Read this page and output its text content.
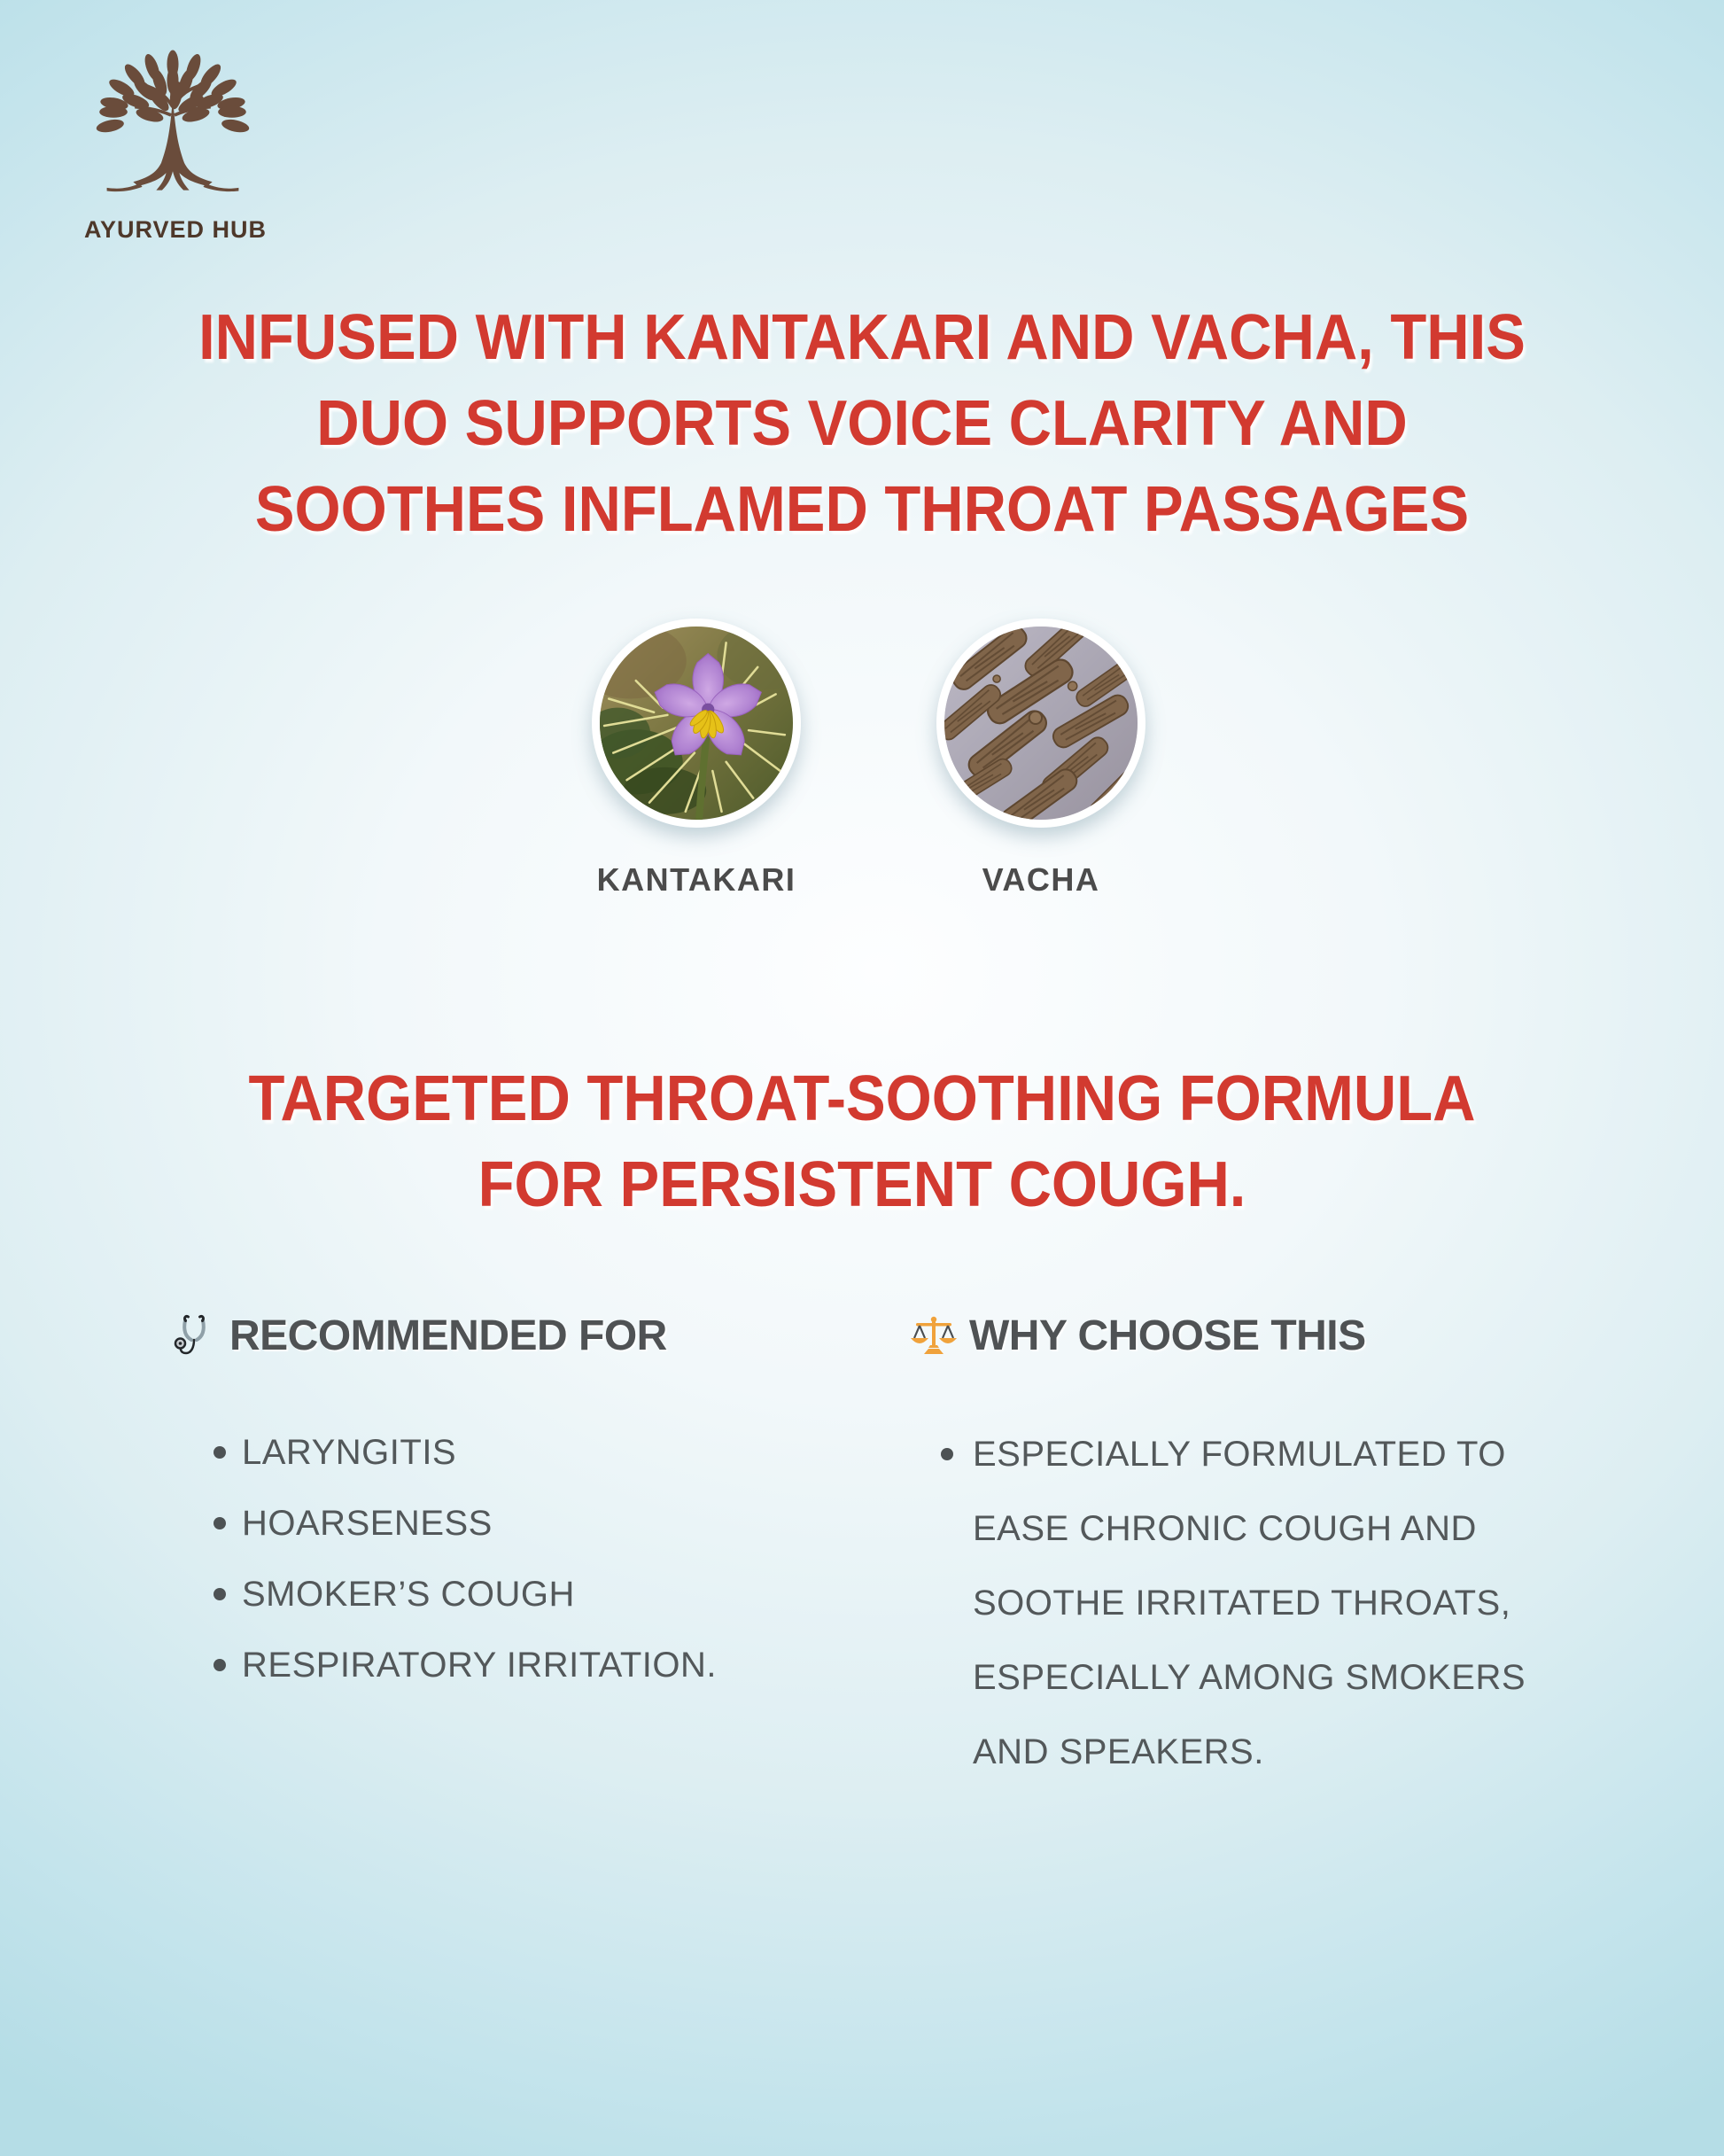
AYURVED HUB
INFUSED WITH KANTAKARI AND VACHA, THIS
DUO SUPPORTS VOICE CLARITY AND
SOOTHES INFLAMED THROAT PASSAGES
KANTAKARI	VACHA
TARGETED THROAT-SOOTHING FORMULA
FOR PERSISTENT COUGH.
RECOMMENDED FOR
LARYNGITIS
HOARSENESS
SMOKER’S COUGH
RESPIRATORY IRRITATION.
WHY CHOOSE THIS
ESPECIALLY FORMULATED TO EASE CHRONIC COUGH AND SOOTHE IRRITATED THROATS, ESPECIALLY AMONG SMOKERS AND SPEAKERS.
